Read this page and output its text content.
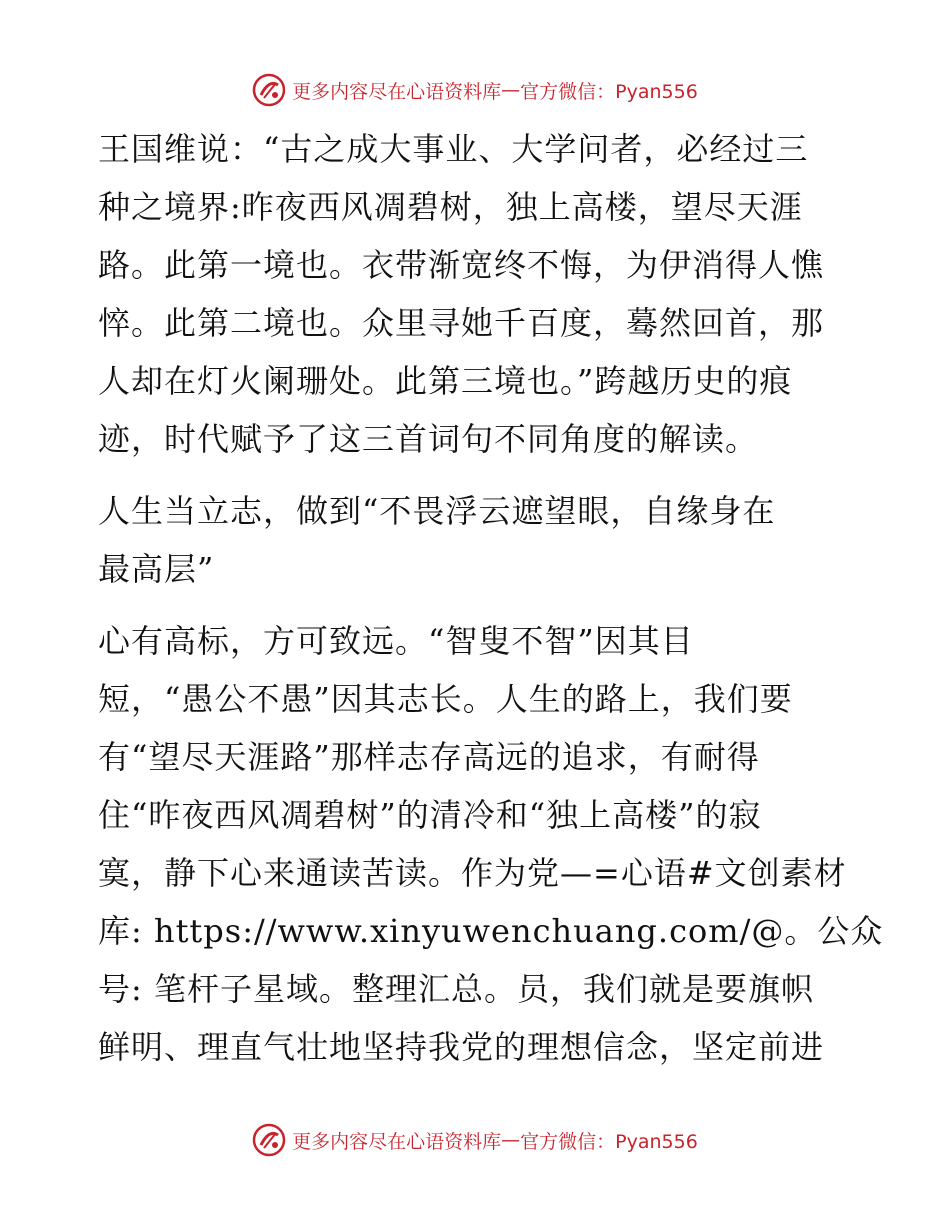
更多内容尽在心语资料库 — 官方微信：Pyan556

王国维说：“古之成大事业、大学问者，必经过三
种之境界:昨夜西风凋碧树，独上高楼，望尽天涯
路。此第一境也。衣带渐宽终不悔，为伊消得人憔
悴。此第二境也。众里寻她千百度，蓦然回首，那
人却在灯火阑珊处。此第三境也。”跨越历史的痕
迹，时代赋予了这三首词句不同角度的解读。

人生当立志，做到“不畏浮云遮望眼，自缘身在
最高层”

心有高标，方可致远。“智叟不智”因其目
短，“愚公不愚”因其志长。人生的路上，我们要
有“望尽天涯路”那样志存高远的追求，有耐得
住“昨夜西风凋碧树”的清冷和“独上高楼”的寂
寞，静下心来通读苦读。作为党—=心语#文创素材
库: https://www.xinyuwenchuang.com/@。公众
号: 笔杆子星域。整理汇总。员，我们就是要旗帜
鲜明、理直气壮地坚持我党的理想信念，坚定前进

更多内容尽在心语资料库 — 官方微信：Pyan556
